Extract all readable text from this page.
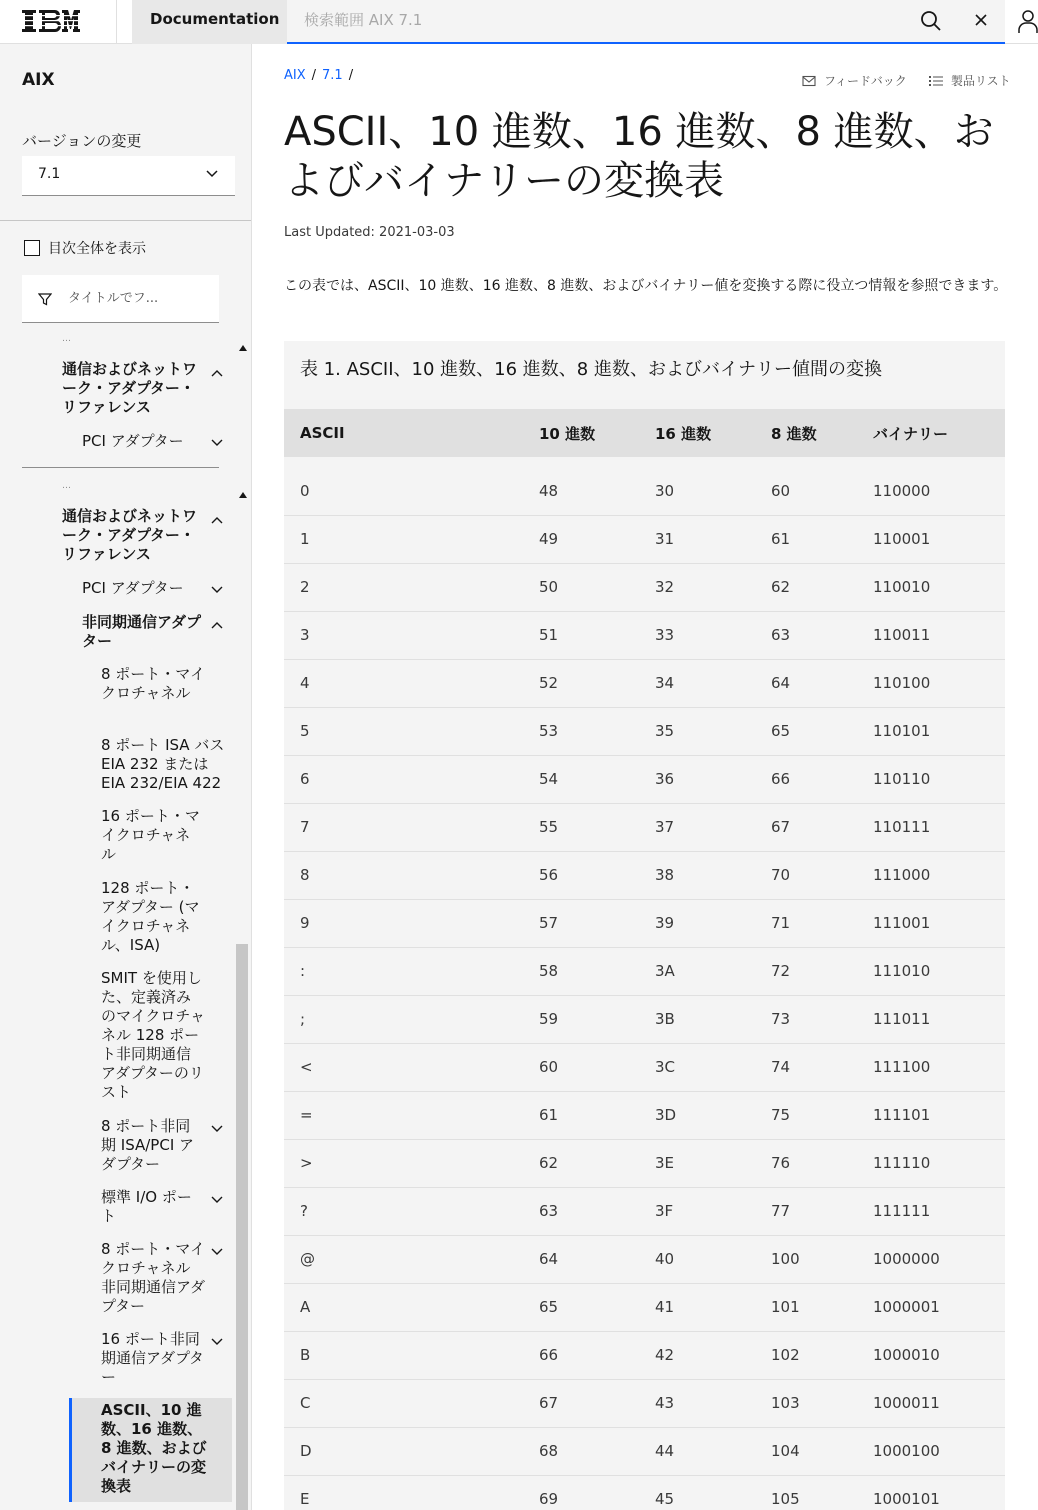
Documentation
検索範囲 AIX 7.1
AIX
バージョンの変更
7.1
目次全体を表示
タイトルでフ...
…
通信およびネットワーク・アダプター・リファレンス
PCI アダプター
…
通信およびネットワーク・アダプター・リファレンス
PCI アダプター
非同期通信アダプター
8 ポート・マイクロチャネル
8 ポート ISA バス EIA 232 または EIA 232/EIA 422
16 ポート・マイクロチャネル
128 ポート・アダプター (マイクロチャネル、ISA)
SMIT を使用した、定義済みのマイクロチャネル 128 ポート非同期通信アダプターのリスト
8 ポート非同期 ISA/PCI アダプター
標準 I/O ポート
8 ポート・マイクロチャネル非同期通信アダプター
16 ポート非同期通信アダプター
ASCII、10 進数、16 進数、8 進数、およびバイナリーの変換表
AIX / 7.1 /	フィードバック	製品リスト
ASCII、10 進数、16 進数、8 進数、およびバイナリーの変換表
Last Updated: 2021-03-03

この表では、ASCII、10 進数、16 進数、8 進数、およびバイナリー値を変換する際に役立つ情報を参照できます。

表 1. ASCII、10 進数、16 進数、8 進数、およびバイナリー値間の変換
ASCII	10 進数	16 進数	8 進数	バイナリー

0	48	30	60	110000
1	49	31	61	110001
2	50	32	62	110010
3	51	33	63	110011
4	52	34	64	110100
5	53	35	65	110101
6	54	36	66	110110
7	55	37	67	110111
8	56	38	70	111000
9	57	39	71	111001
:	58	3A	72	111010
;	59	3B	73	111011
<	60	3C	74	111100
=	61	3D	75	111101
>	62	3E	76	111110
?	63	3F	77	111111
@	64	40	100	1000000
A	65	41	101	1000001
B	66	42	102	1000010
C	67	43	103	1000011
D	68	44	104	1000100
E	69	45	105	1000101
